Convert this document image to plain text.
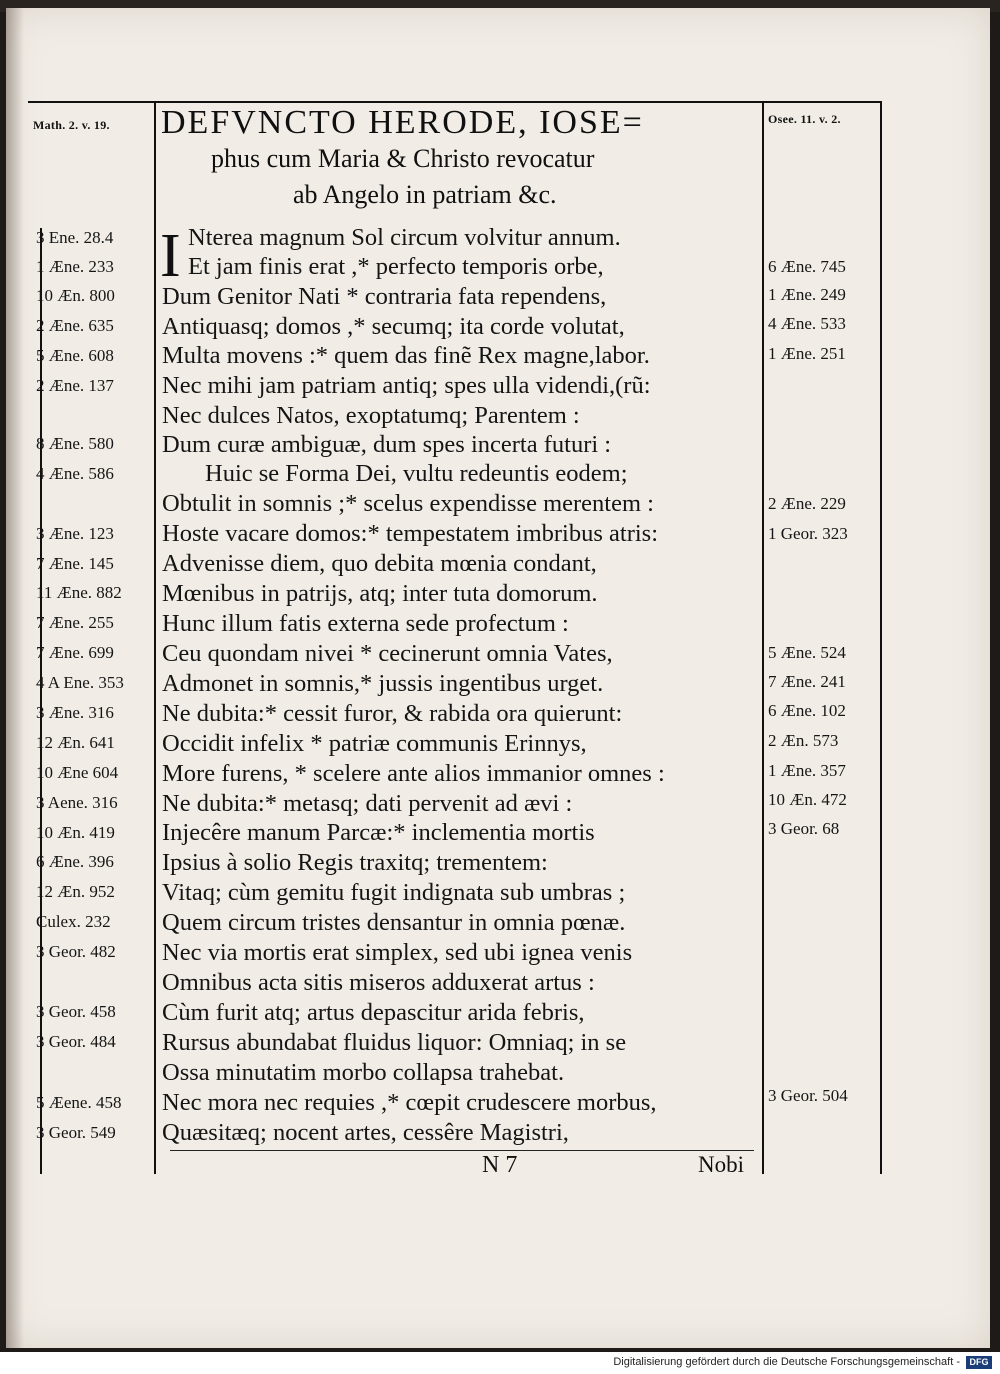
Math. 2. v. 19.	Osee. 11. v. 2.
DEFVNCTO HERODE, IOSE=
phus cum Maria & Christo revocatur
ab Angelo in patriam &c.
I Nterea magnum Sol circum volvitur annum.
Et jam finis erat ,* perfecto temporis orbe,
Dum Genitor Nati * contraria fata rependens,
Antiquasq; domos ,* secumq; ita corde volutat,
Multa movens :* quem das finẽ Rex magne,labor.
Nec mihi jam patriam antiq; spes ulla videndi,(rũ:
Nec dulces Natos, exoptatumq; Parentem :
Dum curæ ambiguæ, dum spes incerta futuri :
Huic se Forma Dei, vultu redeuntis eodem;
Obtulit in somnis ;* scelus expendisse merentem :
Hoste vacare domos:* tempestatem imbribus atris:
Advenisse diem, quo debita mœnia condant,
Mœnibus in patrijs, atq; inter tuta domorum.
Hunc illum fatis externa sede profectum :
Ceu quondam nivei * cecinerunt omnia Vates,
Admonet in somnis,* jussis ingentibus urget.
Ne dubita:* cessit furor, & rabida ora quierunt:
Occidit infelix * patriæ communis Erinnys,
More furens, * scelere ante alios immanior omnes :
Ne dubita:* metasq; dati pervenit ad ævi :
Injecêre manum Parcæ:* inclementia mortis
Ipsius à solio Regis traxitq; trementem:
Vitaq; cùm gemitu fugit indignata sub umbras ;
Quem circum tristes densantur in omnia pœnæ.
Nec via mortis erat simplex, sed ubi ignea venis
Omnibus acta sitis miseros adduxerat artus :
Cùm furit atq; artus depascitur arida febris,
Rursus abundabat fluidus liquor: Omniaq; in se
Ossa minutatim morbo collapsa trahebat.
Nec mora nec requies ,* cœpit crudescere morbus,
Quæsitæq; nocent artes, cessêre Magistri,
3 Ene. 28.4
1 Æne. 233
10 Æn. 800
2 Æne. 635
5 Æne. 608
2 Æne. 137
8 Æne. 580
4 Æne. 586
3 Æne. 123
7 Æne. 145
11 Æne. 882
7 Æne. 255
7 Æne. 699
4 A Ene. 353
3 Æne. 316
12 Æn. 641
10 Æne 604
3 Aene. 316
10 Æn. 419
6 Æne. 396
12 Æn. 952
Culex. 232
3 Geor. 482
3 Geor. 458
3 Geor. 484
5 Æene. 458
3 Geor. 549
6 Æne. 745
1 Æne. 249
4 Æne. 533
1 Æne. 251
2 Æne. 229
1 Geor. 323
5 Æne. 524
7 Æne. 241
6 Æne. 102
2 Æn. 573
1 Æne. 357
10 Æn. 472
3 Geor. 68
3 Geor. 504
N 7	Nobi
Digitalisierung gefördert durch die Deutsche Forschungsgemeinschaft -	DFG
